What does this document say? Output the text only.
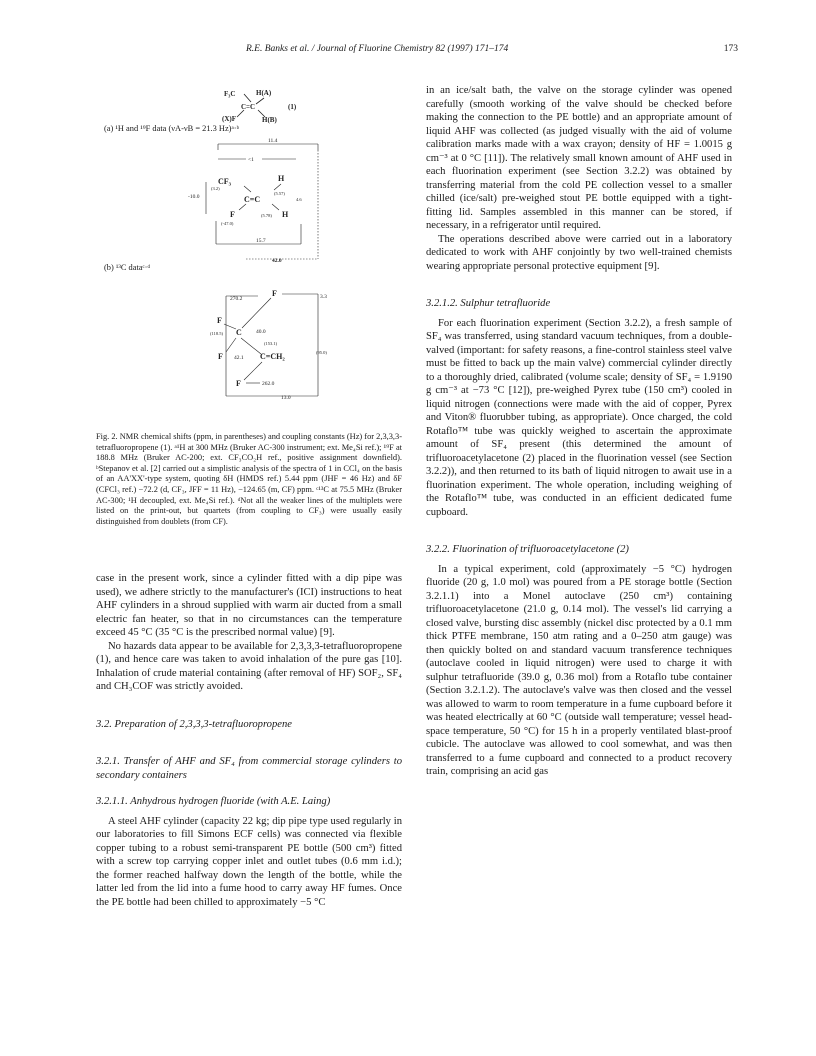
R.E. Banks et al. / Journal of Fluorine Chemistry 82 (1997) 171–174	173
F₃C	H(A)
C=C
(X)F	H(B)
(1)
11.4
<1
-10.0
CF₃
(3.2)
H
C=C
(5.57)
4.6
F
(-47.0)
(5.78) H
15.7
42.0
270.2
F	3.3
F
(118.5) C	40.0
(153.1)
F 42.1 C=CH₂	(95.0)
F	262.0
13.0
(a) ¹H and ¹⁹F data (νA-νB = 21.3 Hz)ᵃ·ᵇ
(b) ¹³C dataᶜ·ᵈ
Fig. 2. NMR chemical shifts (ppm, in parentheses) and coupling constants (Hz) for 2,3,3,3-tetrafluoropropene (1). ᵃ¹H at 300 MHz (Bruker AC-300 instrument; ext. Me₄Si ref.); ¹⁹F at 188.8 MHz (Bruker AC-200; ext. CF₃CO₂H ref., positive assignment downfield). ᵇStepanov et al. [2] carried out a simplistic analysis of the spectra of 1 in CCl₄ on the basis of an AA'XX'-type system, quoting δH (HMDS ref.) 5.44 ppm (JHF = 46 Hz) and δF (CFCl₃ ref.) −72.2 (d, CF₃, JFF = 11 Hz), −124.65 (m, CF) ppm. ᶜ¹³C at 75.5 MHz (Bruker AC-300; ¹H decoupled, ext. Me₄Si ref.). ᵈNot all the weaker lines of the multiplets were listed on the print-out, but quartets (from coupling to CF₃) were usually easily distinguished from doublets (from CF).

case in the present work, since a cylinder fitted with a dip pipe was used), we adhere strictly to the manufacturer's (ICI) instructions to heat AHF cylinders in a shroud supplied with warm air ducted from a small electric fan heater, so that in no circumstances can the temperature exceed 45 °C (35 °C is the prescribed normal value) [9].

No hazards data appear to be available for 2,3,3,3-tetrafluoropropene (1), and hence care was taken to avoid inhalation of the pure gas [10]. Inhalation of crude material containing (after removal of HF) SOF₂, SF₄ and CH₃COF was strictly avoided.

3.2. Preparation of 2,3,3,3-tetrafluoropropene
3.2.1. Transfer of AHF and SF₄ from commercial storage cylinders to secondary containers
3.2.1.1. Anhydrous hydrogen fluoride (with A.E. Laing)

A steel AHF cylinder (capacity 22 kg; dip pipe type used regularly in our laboratories to fill Simons ECF cells) was connected via flexible copper tubing to a robust semi-transparent PE bottle (500 cm³) fitted with a screw top carrying copper inlet and outlet tubes (0.6 mm i.d.); the former reached halfway down the length of the bottle, while the latter led from the lid into a fume hood to carry away HF fumes. Once the PE bottle had been chilled to approximately −5 °C

in an ice/salt bath, the valve on the storage cylinder was opened carefully (smooth working of the valve should be checked before making the connection to the PE bottle) and an appropriate amount of liquid AHF was collected (as judged visually with the aid of volume calibration marks made with a wax crayon; density of HF = 1.0015 g cm⁻³ at 0 °C [11]). The relatively small known amount of AHF used in each fluorination experiment (see Section 3.2.2) was obtained by transferring material from the cold PE collection vessel to a smaller chilled (ice/salt) pre-weighed stout PE bottle equipped with a tight-fitting lid. Samples assembled in this manner can be stored, if necessary, in a refrigerator until required.

The operations described above were carried out in a laboratory dedicated to work with AHF conjointly by two well-trained chemists wearing appropriate personal protective equipment [9].

3.2.1.2. Sulphur tetrafluoride

For each fluorination experiment (Section 3.2.2), a fresh sample of SF₄ was transferred, using standard vacuum techniques, from a double-valved (important: for safety reasons, a fine-control stainless steel valve must be fitted to back up the main valve) commercial cylinder directly to a thoroughly dried, calibrated (volume scale; density of SF₄ = 1.9190 g cm⁻³ at −73 °C [12]), pre-weighed Pyrex tube (150 cm³) cooled in liquid nitrogen (connections were made with the aid of copper, Pyrex and Viton® fluorubber tubing, as appropriate). Once charged, the cold Rotaflo™ tube was quickly weighed to ascertain the approximate amount of SF₄ present (this determined the amount of trifluoroacetylacetone (2) placed in the fluorination vessel (see Section 3.2.2)), and then returned to its bath of liquid nitrogen to await use in a fluorination experiment. The whole operation, including weighing of the Rotaflo™ tube, was conducted in an efficient dedicated fume cupboard.

3.2.2. Fluorination of trifluoroacetylacetone (2)

In a typical experiment, cold (approximately −5 °C) hydrogen fluoride (20 g, 1.0 mol) was poured from a PE storage bottle (Section 3.2.1.1) into a Monel autoclave (250 cm³) containing trifluoroacetylacetone (21.0 g, 0.14 mol). The vessel's lid carrying a closed valve, bursting disc assembly (nickel disc protected by a 0.1 mm thick PTFE membrane, 150 atm rating and a 0–250 atm gauge) was then quickly bolted on and standard vacuum transference techniques (autoclave cooled in liquid nitrogen) were used to charge it with sulphur tetrafluoride (39.0 g, 0.36 mol) from a Rotaflo tube container (Section 3.2.1.2). The autoclave's valve was then closed and the vessel was allowed to warm to room temperature in a fume cupboard before it was heated electrically at 60 °C (outside wall temperature; vessel head-space temperature, 50 °C) for 15 h in a properly ventilated blast-proof cubicle. The autoclave was allowed to cool somewhat, and was then transferred to a fume cupboard and connected to a product recovery train, comprising an acid gas
